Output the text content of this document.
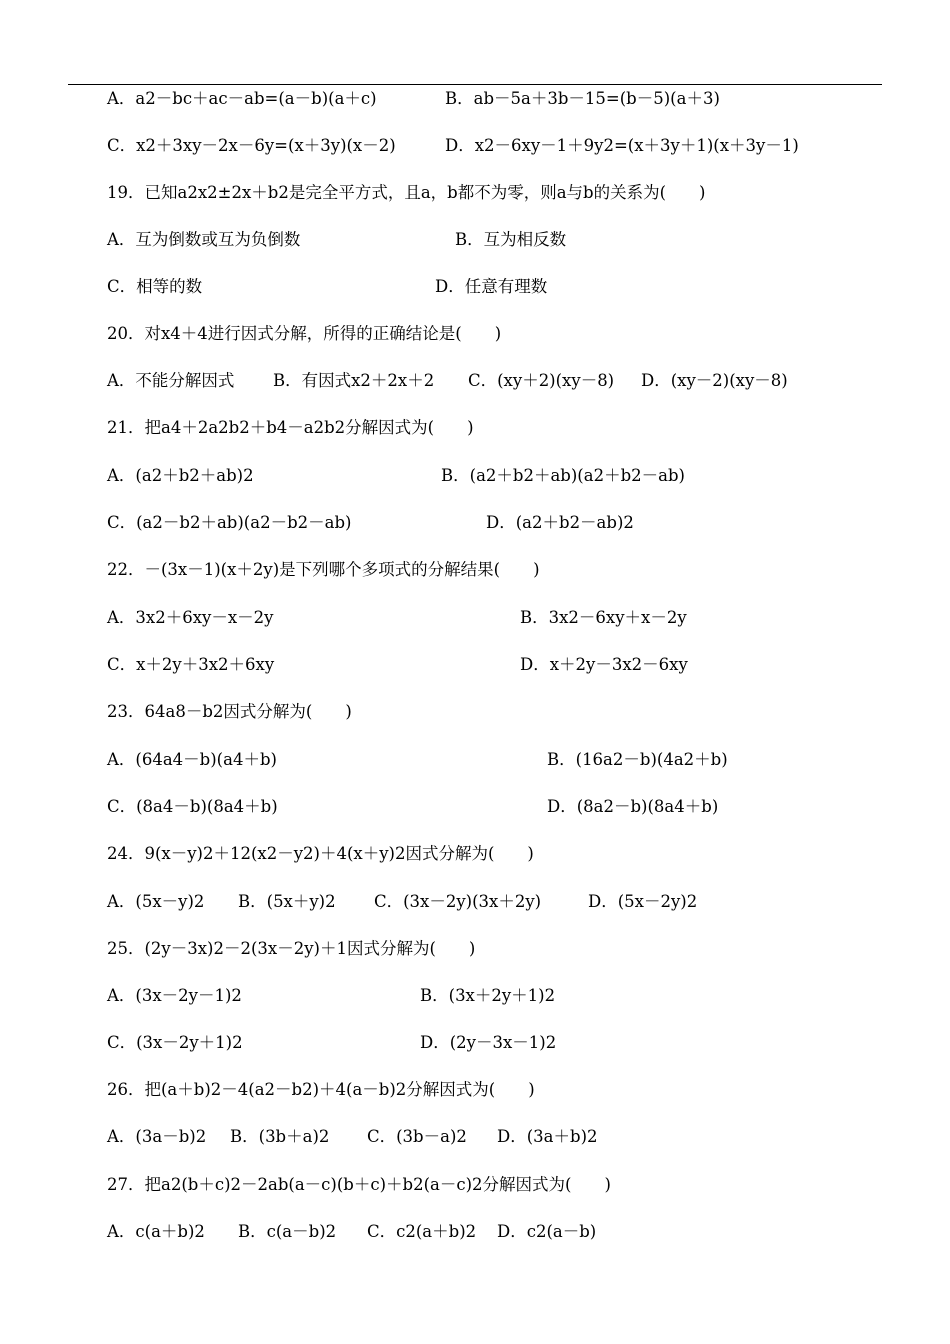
A．a2－bc＋ac－ab=(a－b)(a＋c)	B．ab－5a＋3b－15=(b－5)(a＋3)
C．x2＋3xy－2x－6y=(x＋3y)(x－2)	D．x2－6xy－1＋9y2=(x＋3y＋1)(x＋3y－1)
19．已知a2x2±2x＋b2是完全平方式，且a，b都不为零，则a与b的关系为(　　)
A．互为倒数或互为负倒数	B．互为相反数
C．相等的数	D．任意有理数
20．对x4＋4进行因式分解，所得的正确结论是(　　)
A．不能分解因式 B．有因式x2＋2x＋2 C．(xy＋2)(xy－8) D．(xy－2)(xy－8)
21．把a4＋2a2b2＋b4－a2b2分解因式为(　　)
A．(a2＋b2＋ab)2	B．(a2＋b2＋ab)(a2＋b2－ab)
C．(a2－b2＋ab)(a2－b2－ab)	D．(a2＋b2－ab)2
22．－(3x－1)(x＋2y)是下列哪个多项式的分解结果(　　)
A．3x2＋6xy－x－2y	B．3x2－6xy＋x－2y
C．x＋2y＋3x2＋6xy	D．x＋2y－3x2－6xy
23．64a8－b2因式分解为(　　)
A．(64a4－b)(a4＋b)	B．(16a2－b)(4a2＋b)
C．(8a4－b)(8a4＋b)	D．(8a2－b)(8a4＋b)
24．9(x－y)2＋12(x2－y2)＋4(x＋y)2因式分解为(　　)
A．(5x－y)2 B．(5x＋y)2 C．(3x－2y)(3x＋2y)	D．(5x－2y)2
25．(2y－3x)2－2(3x－2y)＋1因式分解为(　　)
A．(3x－2y－1)2	B．(3x＋2y＋1)2
C．(3x－2y＋1)2	D．(2y－3x－1)2
26．把(a＋b)2－4(a2－b2)＋4(a－b)2分解因式为(　　)
A．(3a－b)2 B．(3b＋a)2 C．(3b－a)2 D．(3a＋b)2
27．把a2(b＋c)2－2ab(a－c)(b＋c)＋b2(a－c)2分解因式为(　　)
A．c(a＋b)2 B．c(a－b)2 C．c2(a＋b)2 D．c2(a－b)
